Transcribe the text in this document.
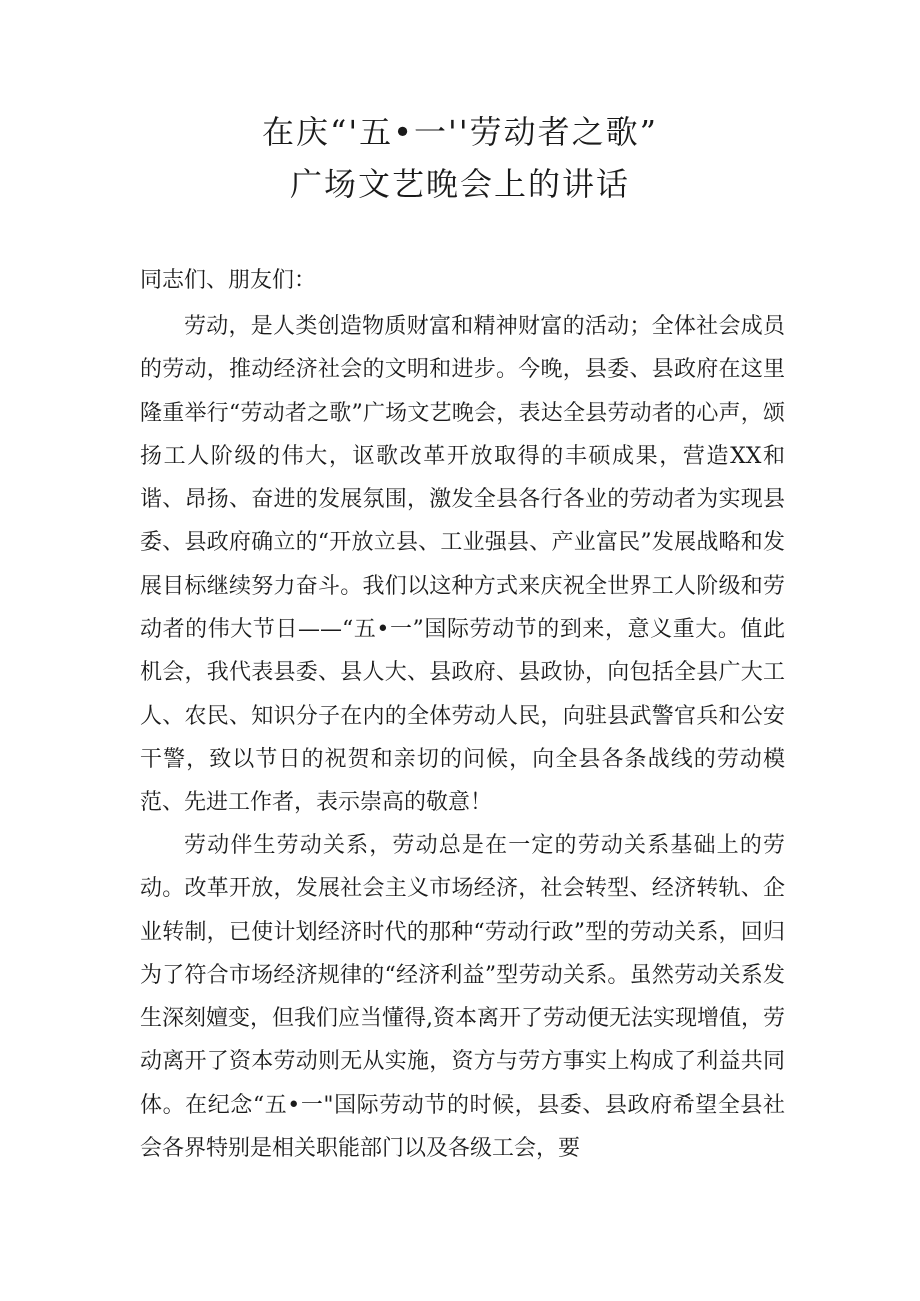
在庆“'五•一''劳动者之歌”
广场文艺晚会上的讲话

同志们、朋友们：

劳动，是人类创造物质财富和精神财富的活动；全体社会成员的劳动，推动经济社会的文明和进步。今晚，县委、县政府在这里隆重举行“劳动者之歌”广场文艺晚会，表达全县劳动者的心声，颂扬工人阶级的伟大，讴歌改革开放取得的丰硕成果，营造XX和谐、昂扬、奋进的发展氛围，激发全县各行各业的劳动者为实现县委、县政府确立的“开放立县、工业强县、产业富民”发展战略和发展目标继续努力奋斗。我们以这种方式来庆祝全世界工人阶级和劳动者的伟大节日——“五•一”国际劳动节的到来，意义重大。值此机会，我代表县委、县人大、县政府、县政协，向包括全县广大工人、农民、知识分子在内的全体劳动人民，向驻县武警官兵和公安干警，致以节日的祝贺和亲切的问候，向全县各条战线的劳动模范、先进工作者，表示崇高的敬意！

劳动伴生劳动关系，劳动总是在一定的劳动关系基础上的劳动。改革开放，发展社会主义市场经济，社会转型、经济转轨、企业转制，已使计划经济时代的那种“劳动行政”型的劳动关系，回归为了符合市场经济规律的“经济利益”型劳动关系。虽然劳动关系发生深刻嬗变，但我们应当懂得,资本离开了劳动便无法实现增值，劳动离开了资本劳动则无从实施，资方与劳方事实上构成了利益共同体。在纪念“五•一"国际劳动节的时候，县委、县政府希望全县社会各界特别是相关职能部门以及各级工会，要
